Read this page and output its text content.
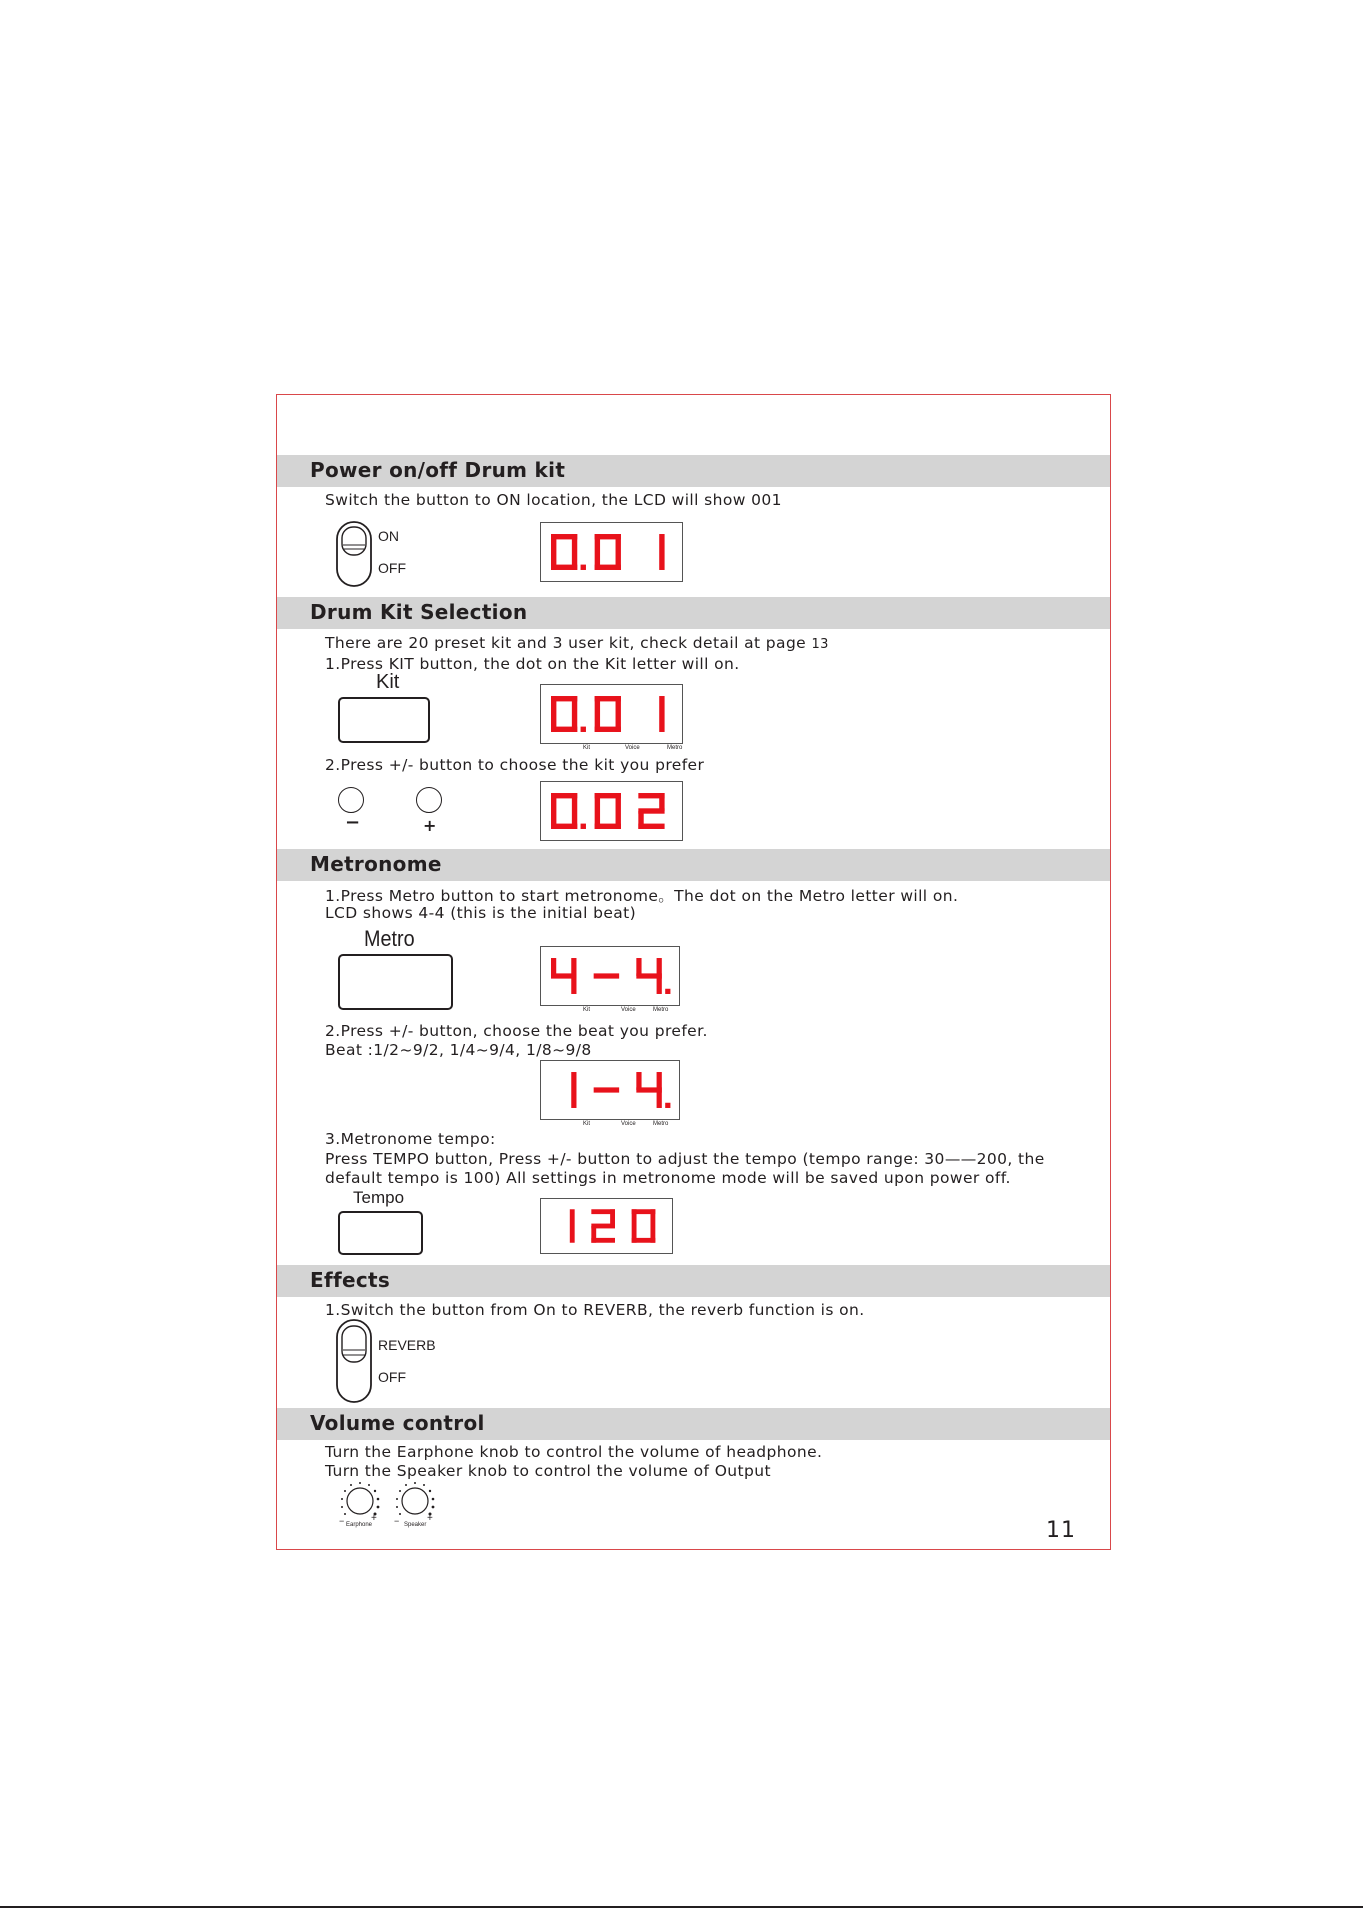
Power on/off Drum kit
Switch the button to ON location, the LCD will show 001
ON
OFF
Drum Kit Selection
There are 20 preset kit and 3 user kit, check detail at page 13
1.Press KIT button, the dot on the Kit letter will on.
Kit
Kit	Voice	Metro
2.Press +/- button to choose the kit you prefer
−	+
Metronome
1.Press Metro button to start metronome。The dot on the Metro letter will on.
LCD shows 4-4 (this is the initial beat)
Metro
Kit	Voice	Metro
2.Press +/- button, choose the beat you prefer.
Beat :1/2~9/2, 1/4~9/4, 1/8~9/8
Kit	Voice	Metro
3.Metronome tempo:
Press TEMPO button, Press +/- button to adjust the tempo (tempo range: 30——200, the
default tempo is 100) All settings in metronome mode will be saved upon power off.
Tempo
Effects
1.Switch the button from On to REVERB, the reverb function is on.
REVERB
OFF
Volume control
Turn the Earphone knob to control the volume of headphone.
Turn the Speaker knob to control the volume of Output
− Earphone
+ − Speaker
+	11
